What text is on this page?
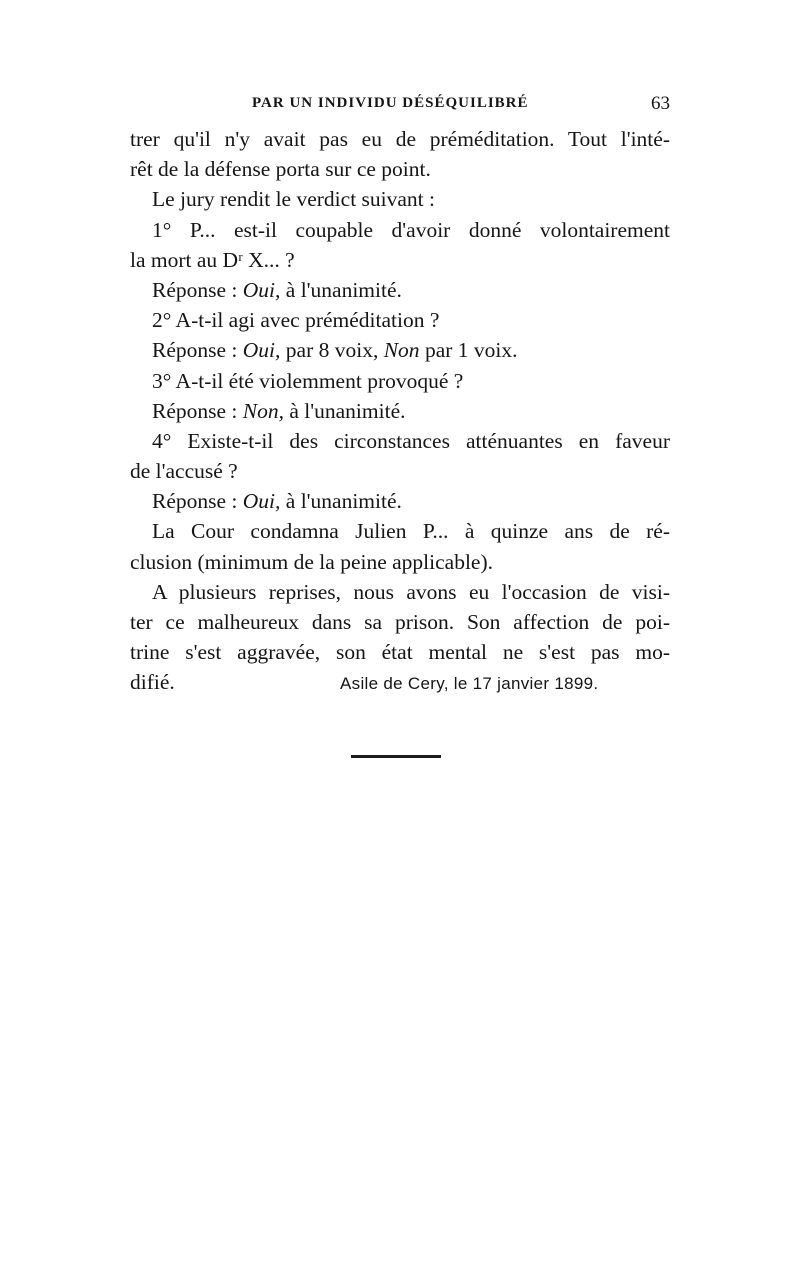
PAR UN INDIVIDU DÉSÉQUILIBRÉ	63
trer qu'il n'y avait pas eu de préméditation. Tout l'inté-
rêt de la défense porta sur ce point.
Le jury rendit le verdict suivant :
1° P... est-il coupable d'avoir donné volontairement
la mort au Dʳ X... ?
Réponse : Oui, à l'unanimité.
2° A-t-il agi avec préméditation ?
Réponse : Oui, par 8 voix, Non par 1 voix.
3° A-t-il été violemment provoqué ?
Réponse : Non, à l'unanimité.
4° Existe-t-il des circonstances atténuantes en faveur
de l'accusé ?
Réponse : Oui, à l'unanimité.
La Cour condamna Julien P... à quinze ans de ré-
clusion (minimum de la peine applicable).
A plusieurs reprises, nous avons eu l'occasion de visi-
ter ce malheureux dans sa prison. Son affection de poi-
trine s'est aggravée, son état mental ne s'est pas mo-
difié.	Asile de Cery, le 17 janvier 1899.
